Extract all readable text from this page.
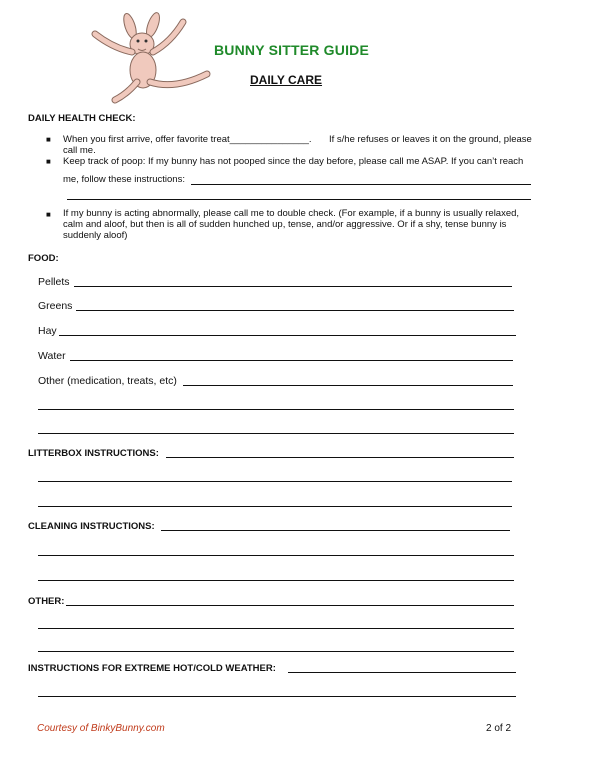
BUNNY SITTER GUIDE
DAILY CARE
DAILY HEALTH CHECK:
■ When you first arrive, offer favorite treat_______________. If s/he refuses or leaves it on the ground, please
call me.
■ Keep track of poop: If my bunny has not pooped since the day before, please call me ASAP. If you can’t reach
me, follow these instructions:
■ If my bunny is acting abnormally, please call me to double check. (For example, if a bunny is usually relaxed,
calm and aloof, but then is all of sudden hunched up, tense, and/or aggressive. Or if a shy, tense bunny is
suddenly aloof)
FOOD:
Pellets
Greens
Hay
Water
Other (medication, treats, etc)
LITTERBOX INSTRUCTIONS:
CLEANING INSTRUCTIONS:
OTHER:
INSTRUCTIONS FOR EXTREME HOT/COLD WEATHER:
Courtesy of BinkyBunny.com	2 of 2
